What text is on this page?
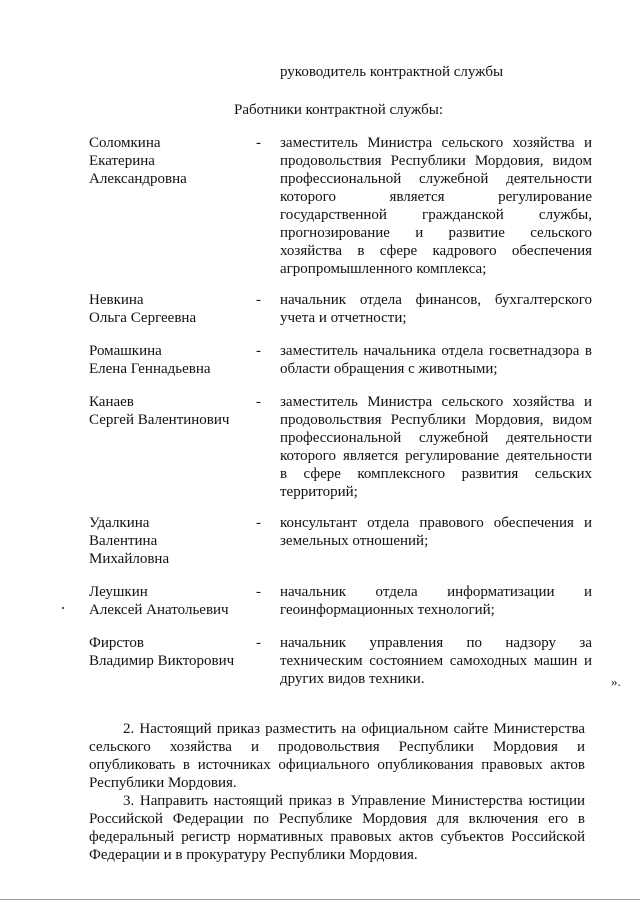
руководитель контрактной службы
Работники контрактной службы:
Соломкина
Екатерина
Александровна
- заместитель Министра сельского хозяйства и
продовольствия Республики Мордовия, видом
профессиональной служебной деятельности
которого является регулирование
государственной гражданской службы,
прогнозирование и развитие сельского
хозяйства в сфере кадрового обеспечения
агропромышленного комплекса;
Невкина
Ольга Сергеевна
- начальник отдела финансов, бухгалтерского
учета и отчетности;
Ромашкина
Елена Геннадьевна
- заместитель начальника отдела госветнадзора в
области обращения с животными;
Канаев
Сергей Валентинович
- заместитель Министра сельского хозяйства и
продовольствия Республики Мордовия, видом
профессиональной служебной деятельности
которого является регулирование деятельности
в сфере комплексного развития сельских
территорий;
Удалкина
Валентина
Михайловна
- консультант отдела правового обеспечения и
земельных отношений;
Леушкин
Алексей Анатольевич
- начальник отдела информатизации и
геоинформационных технологий;
Фирстов
Владимир Викторович
- начальник управления по надзору за
техническим состоянием самоходных машин и
других видов техники.	».
2. Настоящий приказ разместить на официальном сайте Министерства
сельского хозяйства и продовольствия Республики Мордовия и
опубликовать в источниках официального опубликования правовых актов
Республики Мордовия.
3. Направить настоящий приказ в Управление Министерства юстиции
Российской Федерации по Республике Мордовия для включения его в
федеральный регистр нормативных правовых актов субъектов Российской
Федерации и в прокуратуру Республики Мордовия.
